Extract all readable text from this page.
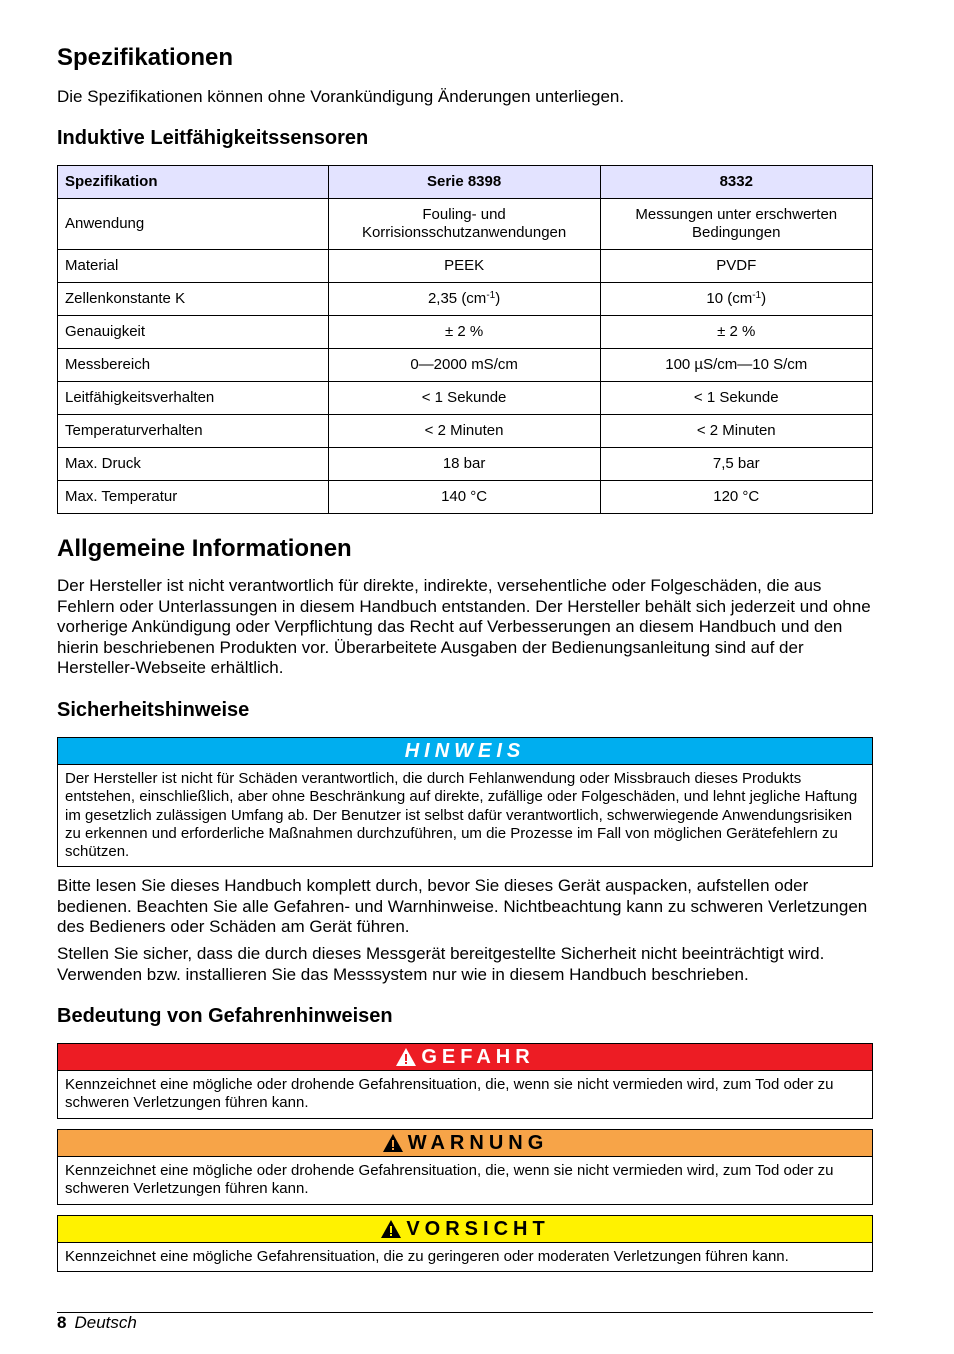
Spezifikationen

Die Spezifikationen können ohne Vorankündigung Änderungen unterliegen.

Induktive Leitfähigkeitssensoren
Spezifikation	Serie 8398	8332
Anwendung	Fouling- und Korrisionsschutzanwendungen	Messungen unter erschwerten Bedingungen
Material	PEEK	PVDF
Zellenkonstante K	2,35 $(cm^{-1})$	10 $(cm^{-1})$
Genauigkeit	± 2 %	± 2 %
Messbereich	0—2000 mS/cm	100 µS/cm—10 S/cm
Leitfähigkeitsverhalten	< 1 Sekunde	< 1 Sekunde
Temperaturverhalten	< 2 Minuten	< 2 Minuten
Max. Druck	18 bar	7,5 bar
Max. Temperatur	140 °C	120 °C
Allgemeine Informationen

Der Hersteller ist nicht verantwortlich für direkte, indirekte, versehentliche oder Folgeschäden, die aus Fehlern oder Unterlassungen in diesem Handbuch entstanden. Der Hersteller behält sich jederzeit und ohne vorherige Ankündigung oder Verpflichtung das Recht auf Verbesserungen an diesem Handbuch und den hierin beschriebenen Produkten vor. Überarbeitete Ausgaben der Bedienungsanleitung sind auf der Hersteller-Webseite erhältlich.

Sicherheitshinweise
HINWEIS
Der Hersteller ist nicht für Schäden verantwortlich, die durch Fehlanwendung oder Missbrauch dieses Produkts entstehen, einschließlich, aber ohne Beschränkung auf direkte, zufällige oder Folgeschäden, und lehnt jegliche Haftung im gesetzlich zulässigen Umfang ab. Der Benutzer ist selbst dafür verantwortlich, schwerwiegende Anwendungsrisiken zu erkennen und erforderliche Maßnahmen durchzuführen, um die Prozesse im Fall von möglichen Gerätefehlern zu schützen.

Bitte lesen Sie dieses Handbuch komplett durch, bevor Sie dieses Gerät auspacken, aufstellen oder bedienen. Beachten Sie alle Gefahren- und Warnhinweise. Nichtbeachtung kann zu schweren Verletzungen des Bedieners oder Schäden am Gerät führen.

Stellen Sie sicher, dass die durch dieses Messgerät bereitgestellte Sicherheit nicht beeinträchtigt wird. Verwenden bzw. installieren Sie das Messsystem nur wie in diesem Handbuch beschrieben.

Bedeutung von Gefahrenhinweisen
GEFAHR
Kennzeichnet eine mögliche oder drohende Gefahrensituation, die, wenn sie nicht vermieden wird, zum Tod oder zu schweren Verletzungen führen kann.
WARNUNG
Kennzeichnet eine mögliche oder drohende Gefahrensituation, die, wenn sie nicht vermieden wird, zum Tod oder zu schweren Verletzungen führen kann.
VORSICHT
Kennzeichnet eine mögliche Gefahrensituation, die zu geringeren oder moderaten Verletzungen führen kann.
8 Deutsch
